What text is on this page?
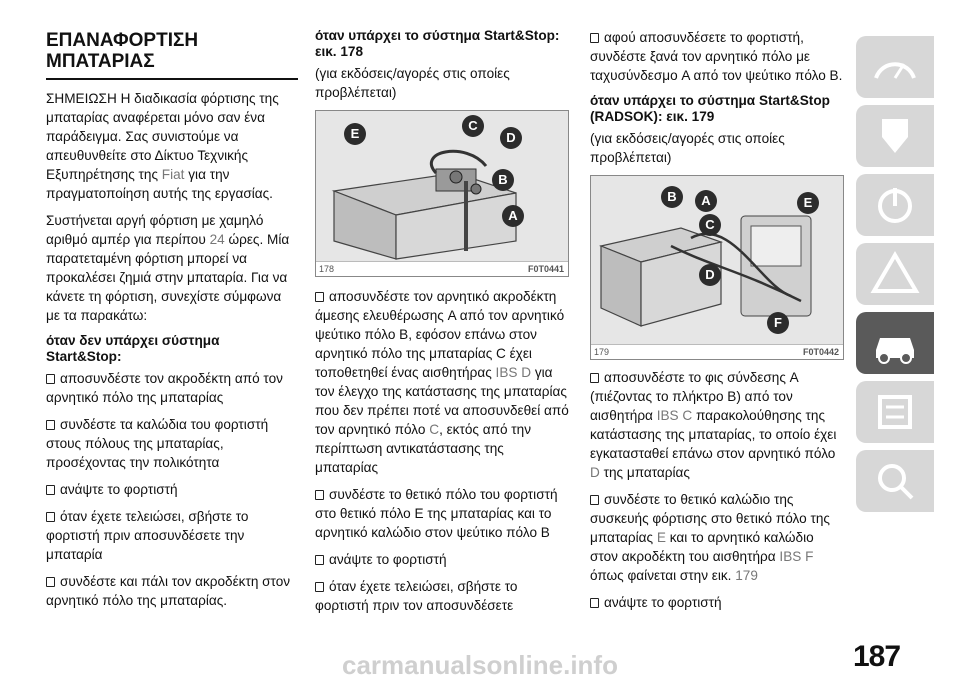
ΕΠΑΝΑΦΟΡΤΙΣΗ ΜΠΑΤΑΡΙΑΣ

ΣΗΜΕΙΩΣΗ Η διαδικασία φόρτισης της μπαταρίας αναφέρεται μόνο σαν ένα παράδειγμα. Σας συνιστούμε να απευθυνθείτε στο Δίκτυο Τεχνικής Εξυπηρέτησης της Fiat για την πραγματοποίηση αυτής της εργασίας.

Συστήνεται αργή φόρτιση με χαμηλό αριθμό αμπέρ για περίπου 24 ώρες. Μία παρατεταμένη φόρτιση μπορεί να προκαλέσει ζημιά στην μπαταρία. Για να κάνετε τη φόρτιση, συνεχίστε σύμφωνα με τα παρακάτω:

όταν δεν υπάρχει σύστημα Start&Stop:

αποσυνδέστε τον ακροδέκτη από τον αρνητικό πόλο της μπαταρίας

συνδέστε τα καλώδια του φορτιστή στους πόλους της μπαταρίας, προσέχοντας την πολικότητα

ανάψτε το φορτιστή

όταν έχετε τελειώσει, σβήστε το φορτιστή πριν αποσυνδέσετε την μπαταρία

συνδέστε και πάλι τον ακροδέκτη στον αρνητικό πόλο της μπαταρίας.

όταν υπάρχει το σύστημα Start&Stop: εικ. 178

(για εκδόσεις/αγορές στις οποίες προβλέπεται)

E
C
D
B
A
178	F0T0441

αποσυνδέστε τον αρνητικό ακροδέκτη άμεσης ελευθέρωσης A από τον αρνητικό ψεύτικο πόλο B, εφόσον επάνω στον αρνητικό πόλο της μπαταρίας C έχει τοποθετηθεί ένας αισθητήρας IBS D για τον έλεγχο της κατάστασης της μπαταρίας που δεν πρέπει ποτέ να αποσυνδεθεί από τον αρνητικό πόλο C, εκτός από την περίπτωση αντικατάστασης της μπαταρίας

συνδέστε το θετικό πόλο του φορτιστή στο θετικό πόλο E της μπαταρίας και το αρνητικό καλώδιο στον ψεύτικο πόλο B

ανάψτε το φορτιστή

όταν έχετε τελειώσει, σβήστε το φορτιστή πριν τον αποσυνδέσετε

αφού αποσυνδέσετε το φορτιστή, συνδέστε ξανά τον αρνητικό πόλο με ταχυσύνδεσμο A από τον ψεύτικο πόλο B.

όταν υπάρχει το σύστημα Start&Stop (RADSOK): εικ. 179

(για εκδόσεις/αγορές στις οποίες προβλέπεται)

B	A
C
E
D
F
179	F0T0442

αποσυνδέστε το φις σύνδεσης A (πιέζοντας το πλήκτρο B) από τον αισθητήρα IBS C παρακολούθησης της κατάστασης της μπαταρίας, το οποίο έχει εγκατασταθεί επάνω στον αρνητικό πόλο D της μπαταρίας

συνδέστε το θετικό καλώδιο της συσκευής φόρτισης στο θετικό πόλο της μπαταρίας E και το αρνητικό καλώδιο στον ακροδέκτη του αισθητήρα IBS F όπως φαίνεται στην εικ. 179

ανάψτε το φορτιστή

187
carmanualsonline.info
